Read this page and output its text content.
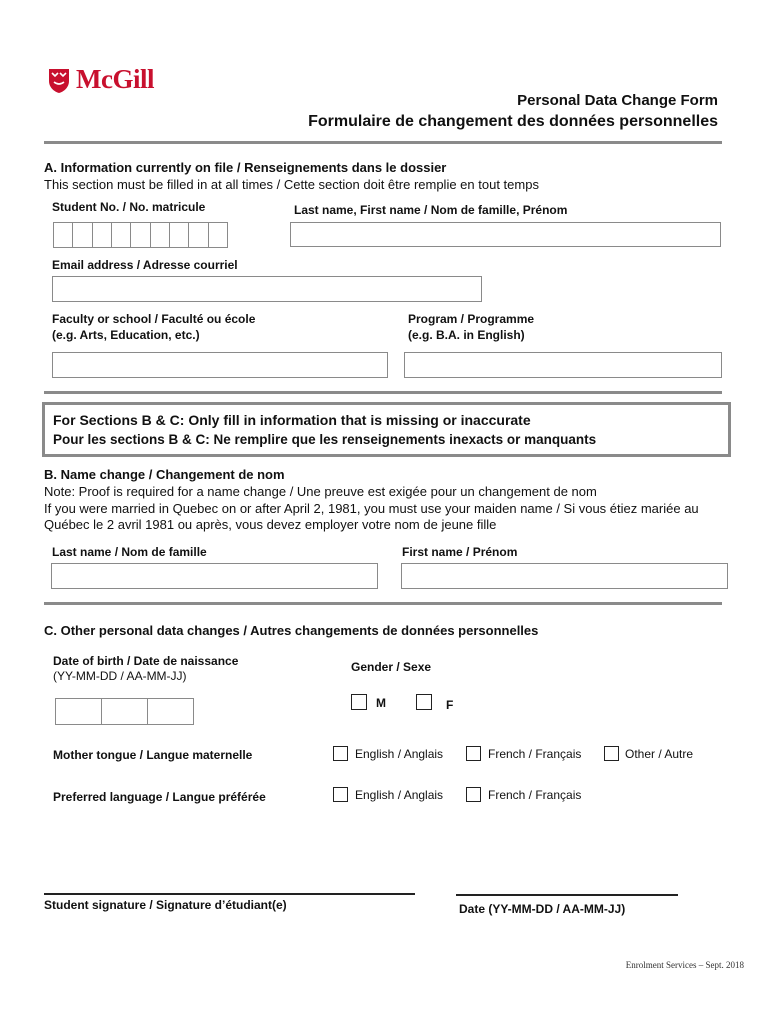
McGill
Personal Data Change Form
Formulaire de changement des données personnelles
A. Information currently on file / Renseignements dans le dossier
This section must be filled in at all times / Cette section doit être remplie en tout temps
Student No. / No. matricule	Last name, First name / Nom de famille, Prénom
Email address / Adresse courriel
Faculty or school / Faculté ou école
(e.g. Arts, Education, etc.)
Program / Programme
(e.g. B.A. in English)
For Sections B & C: Only fill in information that is missing or inaccurate
Pour les sections B & C: Ne remplire que les renseignements inexacts or manquants
B. Name change / Changement de nom
Note: Proof is required for a name change / Une preuve est exigée pour un changement de nom
If you were married in Quebec on or after April 2, 1981, you must use your maiden name / Si vous étiez mariée au
Québec le 2 avril 1981 ou après, vous devez employer votre nom de jeune fille
Last name / Nom de famille	First name / Prénom
C. Other personal data changes / Autres changements de données personnelles
Date of birth / Date de naissance
(YY-MM-DD / AA-MM-JJ)
Gender / Sexe
M	F
Mother tongue / Langue maternelle	English / Anglais	French / Français	Other / Autre
Preferred language / Langue préférée	English / Anglais	French / Français
Student signature / Signature d’étudiant(e)	Date (YY-MM-DD / AA-MM-JJ)
Enrolment Services – Sept. 2018
